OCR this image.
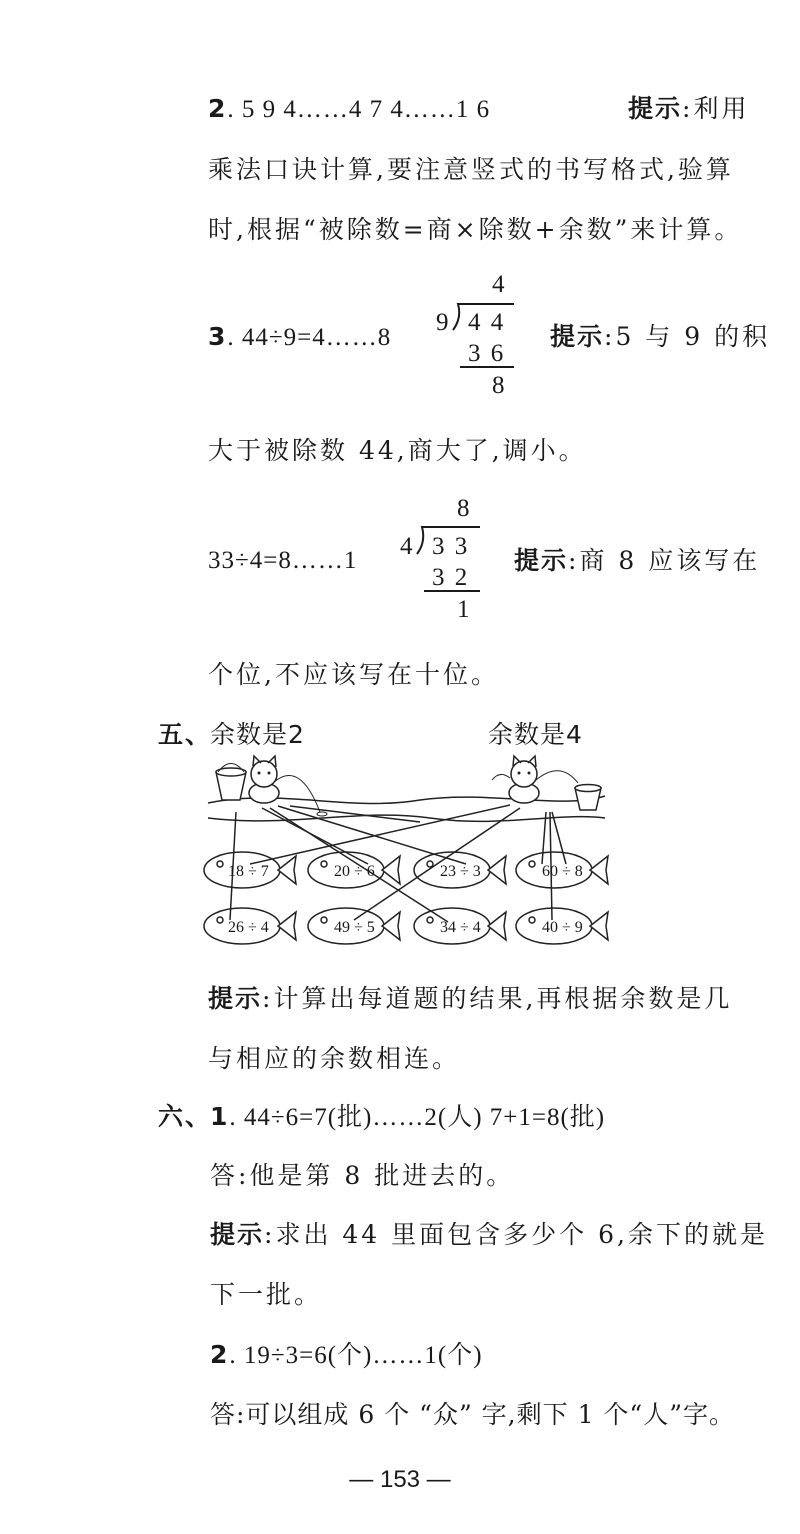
2. 5 9 4……4 7 4……1 6	提示:利用
乘法口诀计算,要注意竖式的书写格式,验算
时,根据“被除数=商×除数+余数”来计算。
3. 44÷9=4……8
4
9 4 4
3 6
8
提示:5 与 9 的积
大于被除数 44,商大了,调小。
33÷4=8……1
8
4 3 3
3 2
1
提示:商 8 应该写在
个位,不应该写在十位。
五、
余数是2	余数是4
18 ÷ 7	20 ÷ 6	23 ÷ 3	60 ÷ 8
26 ÷ 4	49 ÷ 5	34 ÷ 4	40 ÷ 9
提示:计算出每道题的结果,再根据余数是几
与相应的余数相连。
六、
1. 44÷6=7(批)……2(人) 7+1=8(批)
答:他是第 8 批进去的。
提示:求出 44 里面包含多少个 6,余下的就是
下一批。
2. 19÷3=6(个)……1(个)
答:可以组成 6 个 “众” 字,剩下 1 个“人”字。
— 153 —
